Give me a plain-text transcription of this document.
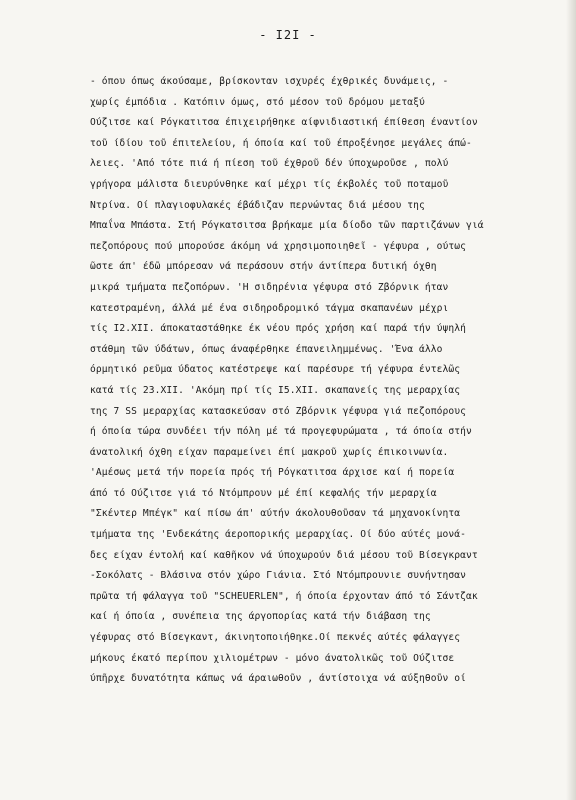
- I2I -
- όπου όπως άκούσαμε, βρίσκονταν ισχυρές έχθρικές δυνάμεις, -
χωρίς έμπόδια . Κατόπιν όμως, στό μέσον τοῦ δρόμου μεταξύ
Ούζιτσε καί Ρόγκατιτσα έπιχειρήθηκε αίφνιδιαστική έπίθεση έναντίον
τοῦ ίδίου τοῦ έπιτελείου, ή όποία καί τοῦ έπροξένησε μεγάλες άπώ-
λειες. 'Από τότε πιά ή πίεση τοῦ έχθροῦ δέν ύποχωροῦσε , πολύ
γρήγορα μάλιστα διευρύνθηκε καί μέχρι τίς έκβολές τοῦ ποταμοῦ
Ντρίνα. Οί πλαγιοφυλακές έβάδιζαν περνώντας διά μέσου της
Μπαΐνα Μπάστα. Στή Ρόγκατσιτσα βρήκαμε μία δίοδο τῶν παρτιζάνων γιά
πεζοπόρους πού μπορούσε άκόμη νά χρησιμοποιηθεῖ - γέφυρα , ούτως
ῶστε άπ' έδῶ μπόρεσαν νά περάσουν στήν άντίπερα δυτική όχθη
μικρά τμήματα πεζοπόρων. 'Η σιδηρένια γέφυρα στό Ζβόρνικ ήταν
κατεστραμένη, άλλά μέ ένα σιδηροδρομικό τάγμα σκαπανέων μέχρι
τίς I2.XII. άποκαταστάθηκε έκ νέου πρός χρήση καί παρά τήν ύψηλή
στάθμη τῶν ύδάτων, όπως άναφέρθηκε έπανειλημμένως. 'Ένα άλλο
όρμητικό ρεῦμα ύδατος κατέστρεψε καί παρέσυρε τή γέφυρα έντελῶς
κατά τίς 23.XII. 'Ακόμη πρί τίς I5.XII. σκαπανείς της μεραρχίας
της 7 SS μεραρχίας κατασκεύσαν στό Ζβόρνικ γέφυρα γιά πεζοπόρους
ή όποία τώρα συνδέει τήν πόλη μέ τά προγεφυρώματα , τά όποία στήν
άνατολική όχθη είχαν παραμείνει έπί μακροῦ χωρίς έπικοινωνία.
'Αμέσως μετά τήν πορεία πρός τή Ρόγκατιτσα άρχισε καί ή πορεία
άπό τό Ούζιτσε γιά τό Ντόμπρουν μέ έπί κεφαλής τήν μεραρχία
"Σκέντερ Μπέγκ" καί πίσω άπ' αύτήν άκολουθοῦσαν τά μηχανοκίνητα
τμήματα της 'Ενδεκάτης άεροπορικής μεραρχίας. Οί δύο αύτές μονά-
δες είχαν έντολή καί καθῆκον νά ύποχωρούν διά μέσου τοῦ Βίσεγκραντ
-Σοκόλατς - Βλάσινα στόν χώρο Γιάνια. Στό Ντόμπρουνιε συνήντησαν
πρῶτα τή φάλαγγα τοῦ "SCHEUERLEN", ή όποία έρχονταν άπό τό Σάντζακ
καί ή όποία , συνέπεια της άργοπορίας κατά τήν διάβαση της
γέφυρας στό Βίσεγκαντ, άκινητοποιήθηκε.Οί πεκνές αύτές φάλαγγες
μήκους έκατό περίπου χιλιομέτρων - μόνο άνατολικῶς τοῦ Ούζιτσε
ύπῆρχε δυνατότητα κάπως νά άραιωθοῦν , άντίστοιχα νά αύξηθοῦν οί
